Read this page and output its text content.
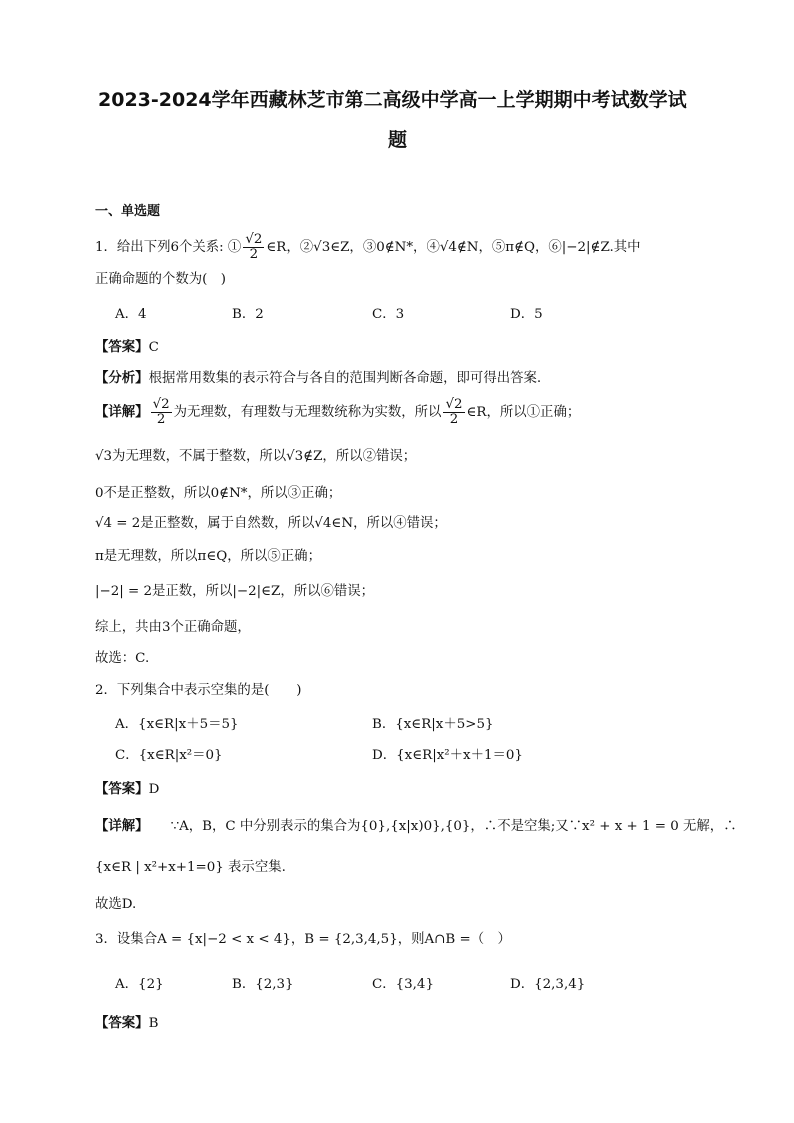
2023-2024学年西藏林芝市第二高级中学高一上学期期中考试数学试
题
一、单选题
1．给出下列6个关系: ① $\frac{√2}{2}$ ∈R，②√3∈Z，③0∉N*，④√4∉N，⑤π∉Q，⑥|−2|∉Z.其中
正确命题的个数为(　)
A．4	B．2	C．3	D．5
【答案】C
【分析】根据常用数集的表示符合与各自的范围判断各命题，即可得出答案.
【详解】 $\frac{√2}{2}$ 为无理数，有理数与无理数统称为实数，所以 $\frac{√2}{2}$ ∈R，所以①正确；
√3为无理数，不属于整数，所以√3∉Z，所以②错误；
0不是正整数，所以0∉N*，所以③正确；
√4 = 2是正整数，属于自然数，所以√4∈N，所以④错误；
π是无理数，所以π∈Q，所以⑤正确；
|−2| = 2是正数，所以|−2|∈Z，所以⑥错误；
综上，共由3个正确命题，
故选：C.
2．下列集合中表示空集的是(　　)
A．{x∈R|x＋5＝5}	B．{x∈R|x＋5>5}
C．{x∈R|x²＝0}	D．{x∈R|x²＋x＋1＝0}
【答案】D
【详解】 ∵A，B，C 中分别表示的集合为{0},{x|x)0},{0}，∴不是空集;又∵x² + x + 1 = 0 无解，∴
{x∈R | x²+x+1=0} 表示空集.
故选D.
3．设集合A = {x|−2 < x < 4}，B = {2,3,4,5}，则A∩B =（　）
A．{2}	B．{2,3}	C．{3,4}	D．{2,3,4}
【答案】B
